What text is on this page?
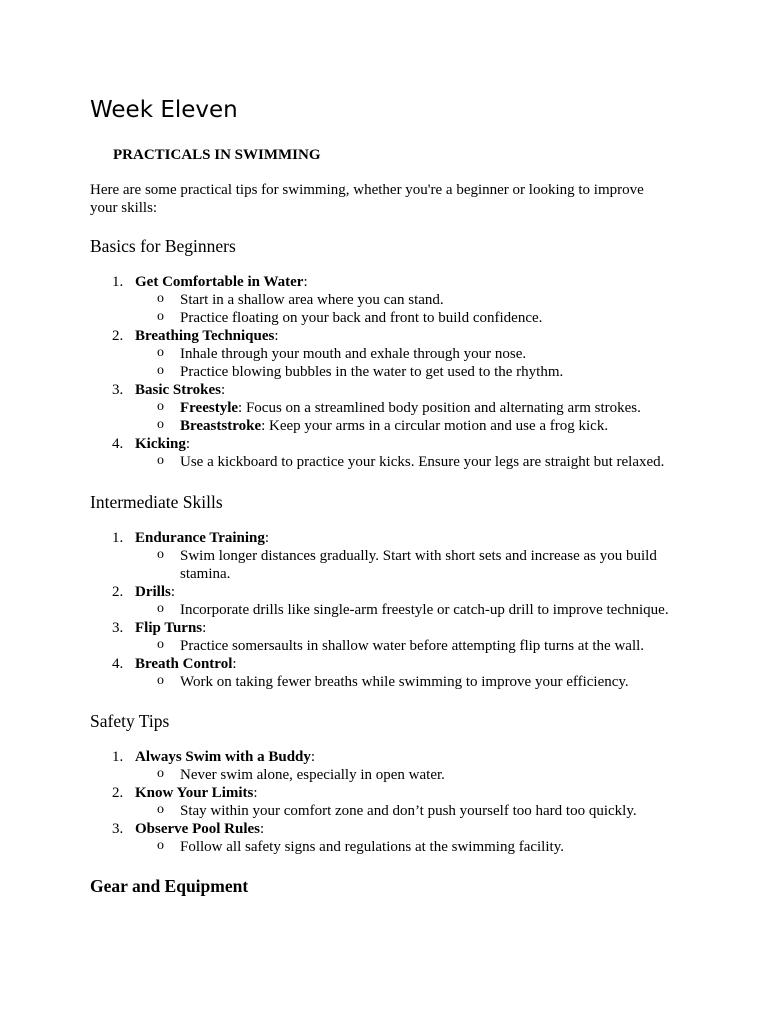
Week Eleven
PRACTICALS IN SWIMMING

Here are some practical tips for swimming, whether you're a beginner or looking to improve your skills:

Basics for Beginners
1. Get Comfortable in Water:
o Start in a shallow area where you can stand.
o Practice floating on your back and front to build confidence.
2. Breathing Techniques:
o Inhale through your mouth and exhale through your nose.
o Practice blowing bubbles in the water to get used to the rhythm.
3. Basic Strokes:
o Freestyle: Focus on a streamlined body position and alternating arm strokes.
o Breaststroke: Keep your arms in a circular motion and use a frog kick.
4. Kicking:
o Use a kickboard to practice your kicks. Ensure your legs are straight but relaxed.
Intermediate Skills
1. Endurance Training:
o Swim longer distances gradually. Start with short sets and increase as you build stamina.
2. Drills:
o Incorporate drills like single-arm freestyle or catch-up drill to improve technique.
3. Flip Turns:
o Practice somersaults in shallow water before attempting flip turns at the wall.
4. Breath Control:
o Work on taking fewer breaths while swimming to improve your efficiency.
Safety Tips
1. Always Swim with a Buddy:
o Never swim alone, especially in open water.
2. Know Your Limits:
o Stay within your comfort zone and don’t push yourself too hard too quickly.
3. Observe Pool Rules:
o Follow all safety signs and regulations at the swimming facility.
Gear and Equipment
